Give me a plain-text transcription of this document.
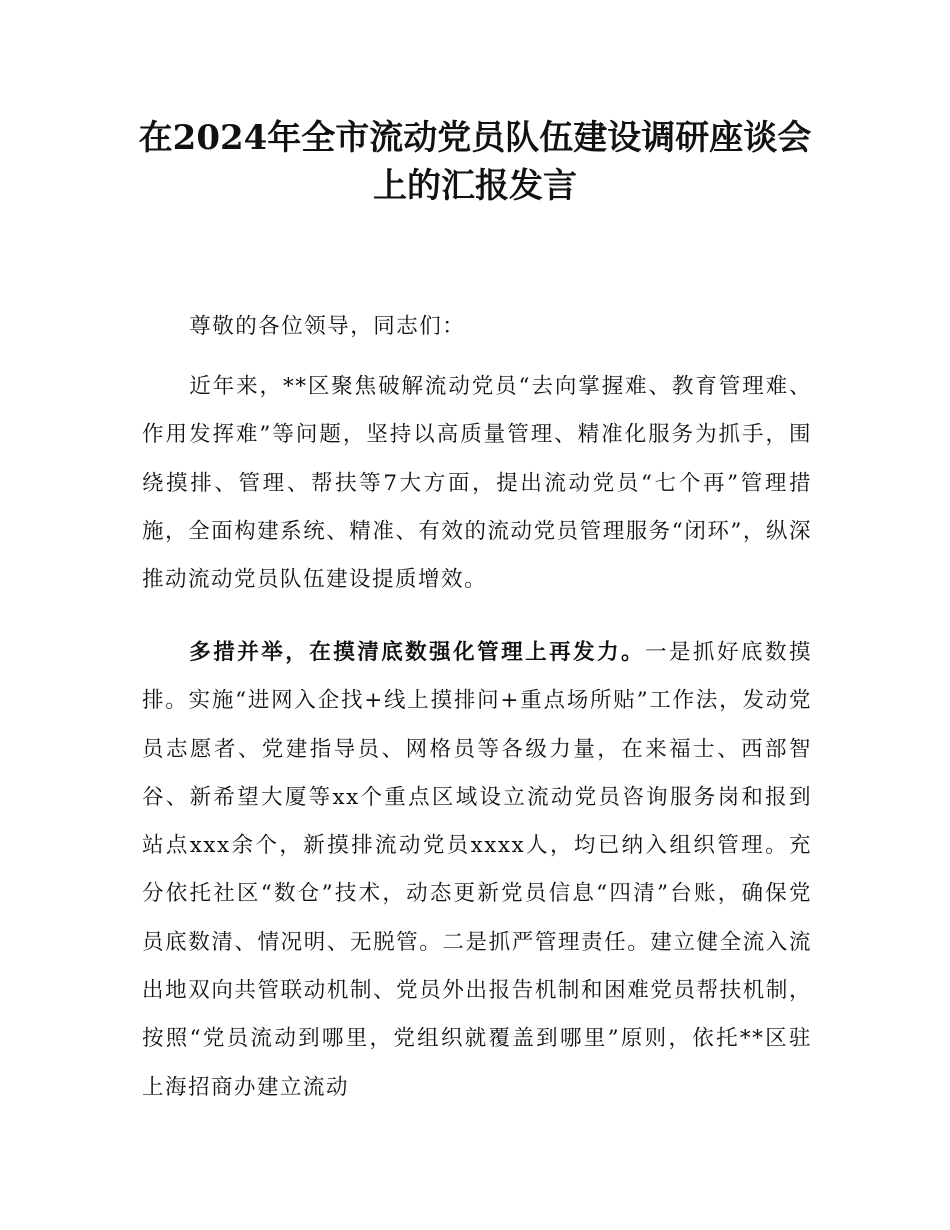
在2024年全市流动党员队伍建设调研座谈会
上的汇报发言

尊敬的各位领导，同志们：

近年来，**区聚焦破解流动党员“去向掌握难、教育管理难、作用发挥难”等问题，坚持以高质量管理、精准化服务为抓手，围绕摸排、管理、帮扶等7大方面，提出流动党员“七个再”管理措施，全面构建系统、精准、有效的流动党员管理服务“闭环”，纵深推动流动党员队伍建设提质增效。

多措并举，在摸清底数强化管理上再发力。一是抓好底数摸排。实施“进网入企找+线上摸排问+重点场所贴”工作法，发动党员志愿者、党建指导员、网格员等各级力量，在来福士、西部智谷、新希望大厦等xx个重点区域设立流动党员咨询服务岗和报到站点xxx余个，新摸排流动党员xxxx人，均已纳入组织管理。充分依托社区“数仓”技术，动态更新党员信息“四清”台账，确保党员底数清、情况明、无脱管。二是抓严管理责任。建立健全流入流出地双向共管联动机制、党员外出报告机制和困难党员帮扶机制，按照“党员流动到哪里，党组织就覆盖到哪里”原则，依托**区驻上海招商办建立流动
